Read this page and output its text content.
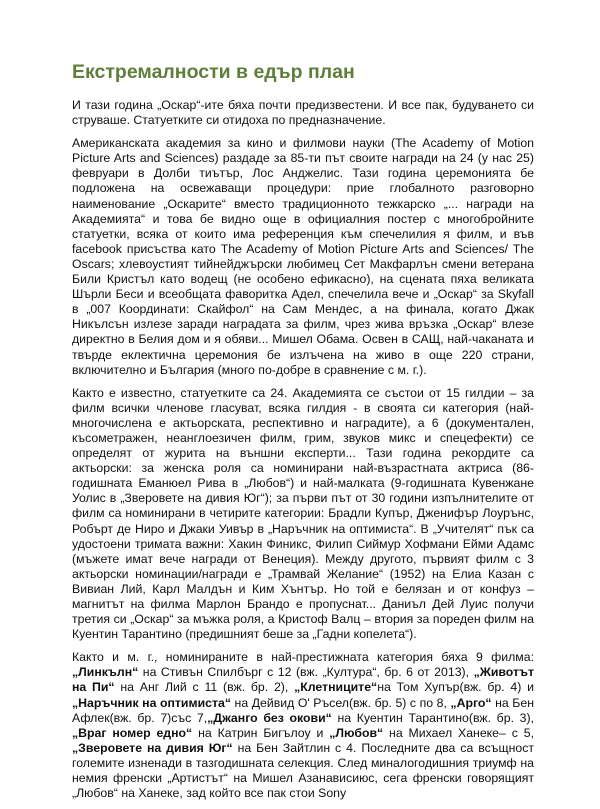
Екстремалности в едър план

И тази година „Оскар“-ите бяха почти предизвестени. И все пак, будуването си струваше. Статуетките си отидоха по предназначение.

Американската академия за кино и филмови науки (The Academy of Motion Picture Arts and Sciences) раздаде за 85-ти път своите награди на 24 (у нас 25) февруари в Долби тиътър, Лос Анджелис. Тази година церемонията бе подложена на освежаващи процедури: прие глобалното разговорно наименование „Оскарите“ вместо традиционното тежкарско „... награди на Академията“ и това бе видно още в официалния постер с многобройните статуетки, всяка от които има референция към спечелилия я филм, и във facebook присъства като The Academy of Motion Picture Arts and Sciences/ The Oscars; хлевоустият тийнейджърски любимец Сет Макфарлън смени ветерана Били Кристъл като водещ (не особено ефикасно), на сцената пяха великата Шърли Беси и всеобщата фаворитка Адел, спечелила вече и „Оскар“ за Skyfall в „007 Координати: Скайфол“ на Сам Мендес, а на финала, когато Джак Никълсън излезе заради наградата за филм, чрез жива връзка „Оскар“ влезе директно в Белия дом и я обяви... Мишел Обама. Освен в САЩ, най-чаканата и твърде еклектична церемония бе излъчена на живо в още 220 страни, включително и България (много по-добре в сравнение с м. г.).

Както е известно, статуетките са 24. Академията се състои от 15 гилдии – за филм всички членове гласуват, всяка гилдия - в своята си категория (най-многочислена е актьорската, респективно и наградите), а 6 (документален, късометражен, неанглоезичен филм, грим, звуков микс и спецефекти) се определят от журита на външни експерти... Тази година рекордите са актьорски: за женска роля са номинирани най-възрастната актриса (86-годишната Еманюел Рива в „Любов“) и най-малката (9-годишната Кувенжане Уолис в „Зверовете на дивия Юг“); за първи път от 30 години изпълнителите от филм са номинирани в четирите категории: Брадли Купър, Дженифър Лоурънс, Робърт де Ниро и Джаки Уивър в „Наръчник на оптимиста“. В „Учителят“ пък са удостоени тримата важни: Хакин Финикс, Филип Сиймур Хофмани Ейми Адамс (мъжете имат вече награди от Венеция). Между другото, първият филм с 3 актьорски номинации/награди е „Трамвай Желание“ (1952) на Елиа Казан с Вивиан Лий, Карл Малдън и Ким Хънтър. Но той е белязан и от конфуз – магнитът на филма Марлон Брандо е пропуснат... Даниъл Дей Луис получи третия си „Оскар“ за мъжка роля, а Кристоф Валц – втория за пореден филм на Куентин Тарантино (предишният беше за „Гадни копелета“).

Както и м. г., номинираните в най-престижната категория бяха 9 филма: „Линкълн“ на Стивън Спилбърг с 12 (вж. „Култура“, бр. 6 от 2013), „Животът на Пи“ на Анг Лий с 11 (вж. бр. 2), „Клетниците“на Том Хупър(вж. бр. 4) и „Наръчник на оптимиста“ на Дейвид О' Ръсел(вж. бр. 5) с по 8, „Арго“ на Бен Афлек(вж. бр. 7)със 7,„Джанго без окови“ на Куентин Тарантино(вж. бр. 3), „Враг номер едно“ на Катрин Бигълоу и „Любов“ на Михаел Ханеке– с 5,„Зверовете на дивия Юг“ на Бен Зайтлин с 4. Последните два са всъщност големите изненади в тазгодишната селекция. След миналогодишния триумф на немия френски „Артистът“ на Мишел Азанависиюс, сега френски говорящият „Любов“ на Ханеке, зад който все пак стои Sony
